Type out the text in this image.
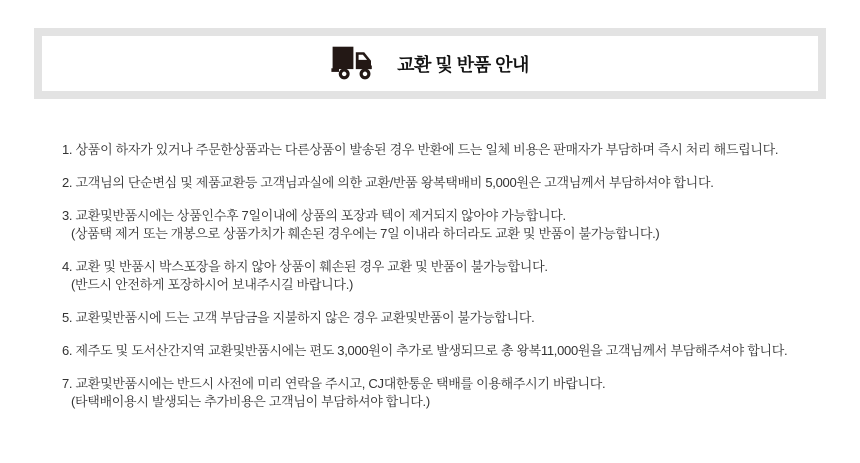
교환 및 반품 안내

1. 상품이 하자가 있거나 주문한상품과는 다른상품이 발송된 경우 반환에 드는 일체 비용은 판매자가 부담하며 즉시 처리 해드립니다.

2. 고객님의 단순변심 및 제품교환등 고객님과실에 의한 교환/반품 왕복택배비 5,000원은 고객님께서 부담하셔야 합니다.

3. 교환및반품시에는 상품인수후 7일이내에 상품의 포장과 텍이 제거되지 않아야 가능합니다.

(상품택 제거 또는 개봉으로 상품가치가 훼손된 경우에는 7일 이내라 하더라도 교환 및 반품이 불가능합니다.)

4. 교환 및 반품시 박스포장을 하지 않아 상품이 훼손된 경우 교환 및 반품이 불가능합니다.

(반드시 안전하게 포장하시어 보내주시길 바랍니다.)

5. 교환및반품시에 드는 고객 부담금을 지불하지 않은 경우 교환및반품이 불가능합니다.

6. 제주도 및 도서산간지역 교환및반품시에는 편도 3,000원이 추가로 발생되므로 총 왕복11,000원을 고객님께서 부담해주셔야 합니다.

7. 교환및반품시에는 반드시 사전에 미리 연락을 주시고, CJ대한통운 택배를 이용해주시기 바랍니다.

(타택배이용시 발생되는 추가비용은 고객님이 부담하셔야 합니다.)
